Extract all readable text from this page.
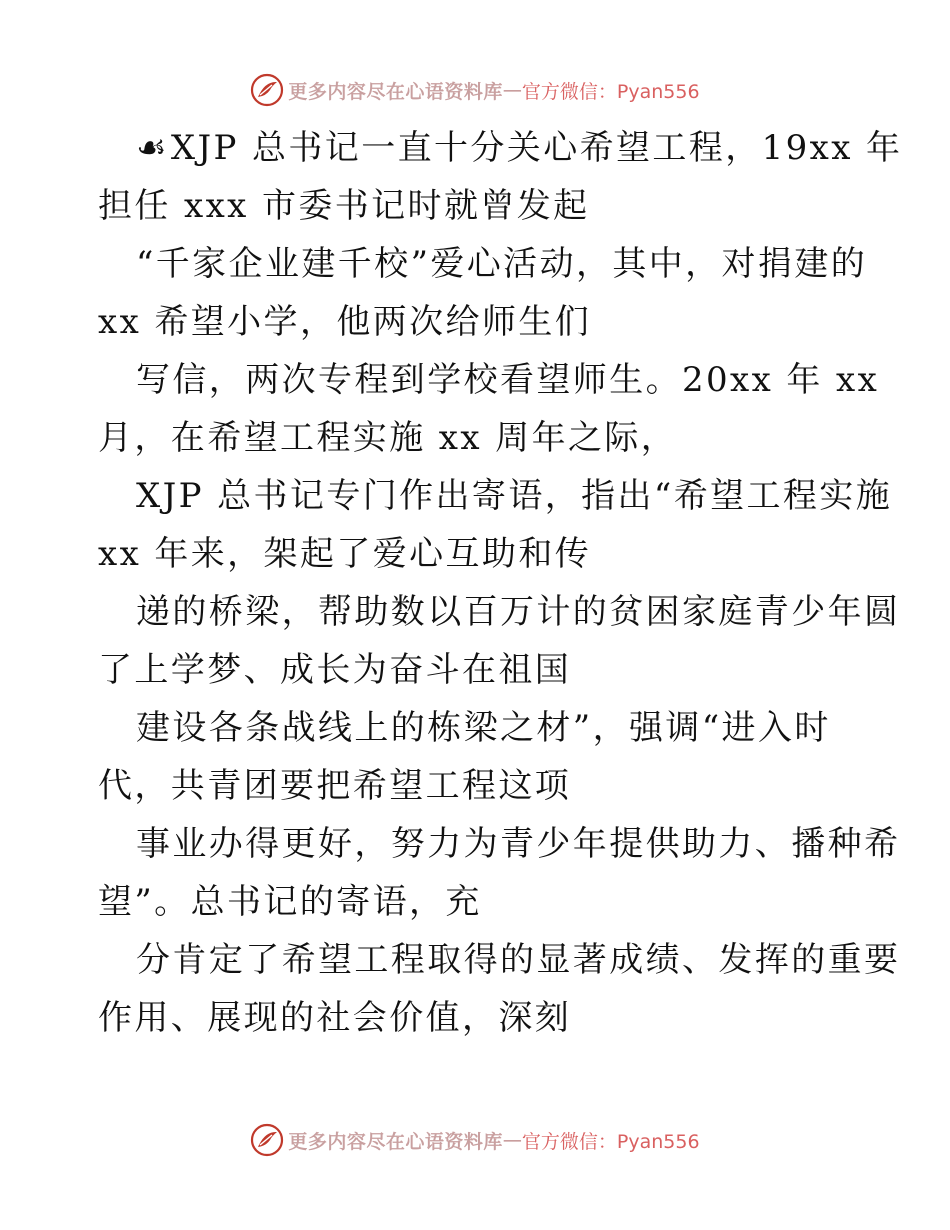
更多内容尽在心语资料库 — 官方微信：Pyan556
☙XJP 总书记一直十分关心希望工程，19xx 年
担任 xxx 市委书记时就曾发起
“千家企业建千校”爱心活动，其中，对捐建的
xx 希望小学，他两次给师生们
写信，两次专程到学校看望师生。20xx 年 xx
月，在希望工程实施 xx 周年之际，
XJP 总书记专门作出寄语，指出“希望工程实施
xx 年来，架起了爱心互助和传
递的桥梁，帮助数以百万计的贫困家庭青少年圆
了上学梦、成长为奋斗在祖国
建设各条战线上的栋梁之材”，强调“进入时
代，共青团要把希望工程这项
事业办得更好，努力为青少年提供助力、播种希
望”。总书记的寄语，充
分肯定了希望工程取得的显著成绩、发挥的重要
作用、展现的社会价值，深刻
更多内容尽在心语资料库 — 官方微信：Pyan556
